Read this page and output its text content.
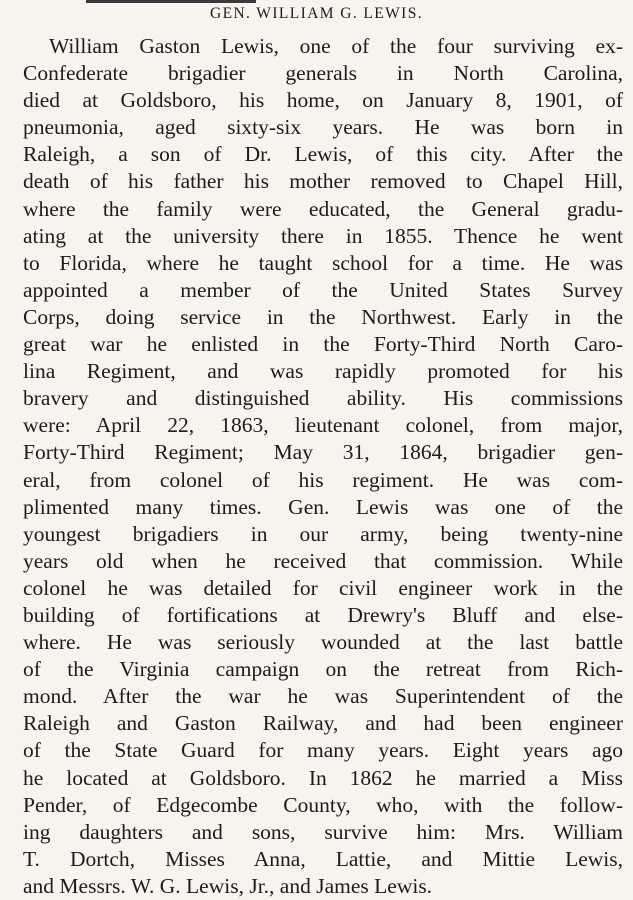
GEN. WILLIAM G. LEWIS.
William Gaston Lewis, one of the four surviving ex-
Confederate brigadier generals in North Carolina,
died at Goldsboro, his home, on January 8, 1901, of
pneumonia, aged sixty-six years. He was born in
Raleigh, a son of Dr. Lewis, of this city. After the
death of his father his mother removed to Chapel Hill,
where the family were educated, the General gradu-
ating at the university there in 1855. Thence he went
to Florida, where he taught school for a time. He was
appointed a member of the United States Survey
Corps, doing service in the Northwest. Early in the
great war he enlisted in the Forty-Third North Caro-
lina Regiment, and was rapidly promoted for his
bravery and distinguished ability. His commissions
were: April 22, 1863, lieutenant colonel, from major,
Forty-Third Regiment; May 31, 1864, brigadier gen-
eral, from colonel of his regiment. He was com-
plimented many times. Gen. Lewis was one of the
youngest brigadiers in our army, being twenty-nine
years old when he received that commission. While
colonel he was detailed for civil engineer work in the
building of fortifications at Drewry's Bluff and else-
where. He was seriously wounded at the last battle
of the Virginia campaign on the retreat from Rich-
mond. After the war he was Superintendent of the
Raleigh and Gaston Railway, and had been engineer
of the State Guard for many years. Eight years ago
he located at Goldsboro. In 1862 he married a Miss
Pender, of Edgecombe County, who, with the follow-
ing daughters and sons, survive him: Mrs. William
T. Dortch, Misses Anna, Lattie, and Mittie Lewis,
and Messrs. W. G. Lewis, Jr., and James Lewis.
